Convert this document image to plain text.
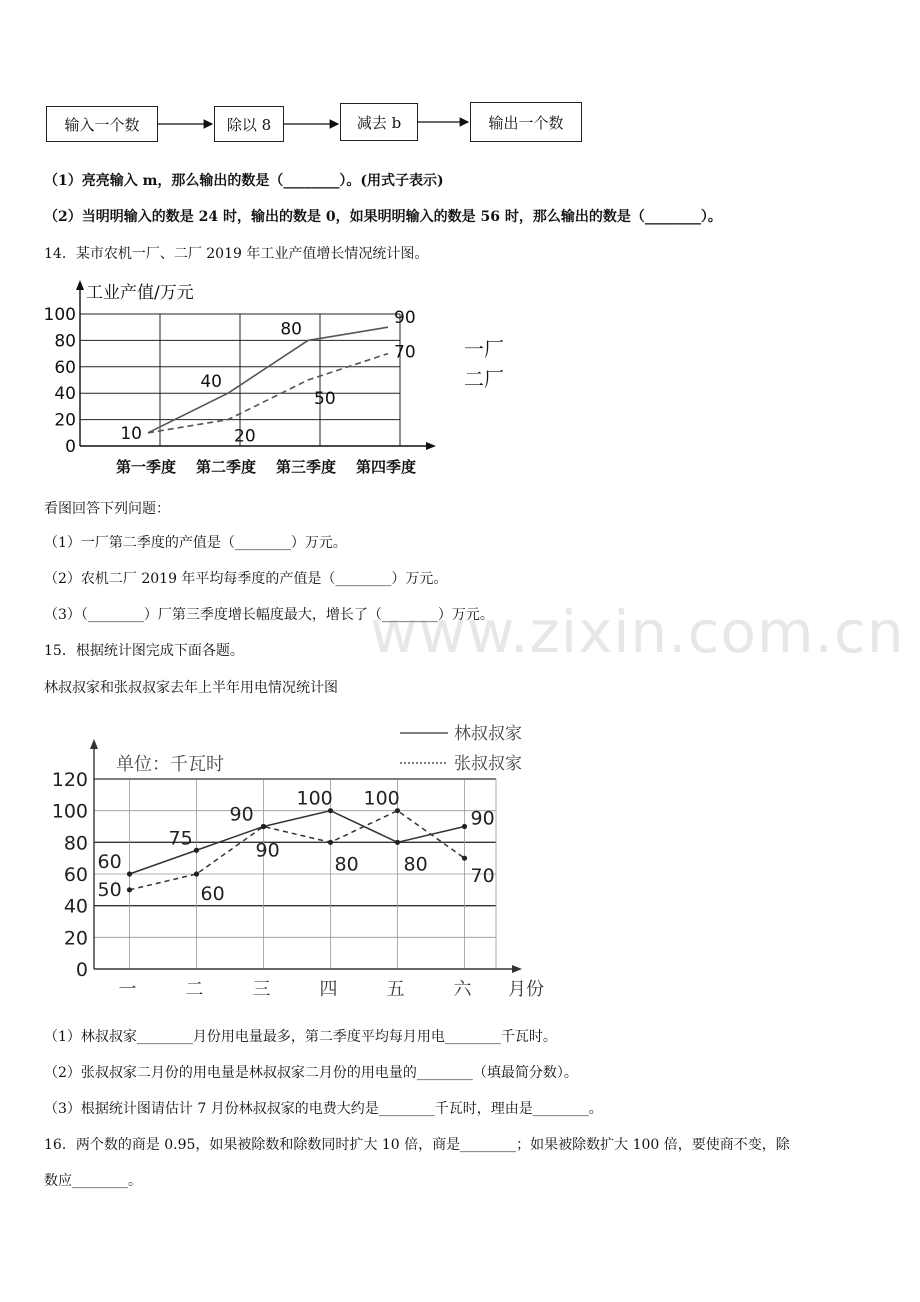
输入一个数	除以 8	减去 b	输出一个数
（1）亮亮输入 m，那么输出的数是（________）。(用式子表示)
（2）当明明输入的数是 24 时，输出的数是 0，如果明明输入的数是 56 时，那么输出的数是（________）。
14．某市农机一厂、二厂 2019 年工业产值增长情况统计图。
0
20
40
60
80
100
工业产值/万元
第一季度 第二季度 第三季度 第四季度
10
40
80
90
20
50
70 一厂
二厂
看图回答下列问题：
（1）一厂第二季度的产值是（________）万元。
（2）农机二厂 2019 年平均每季度的产值是（________）万元。
（3）（________）厂第三季度增长幅度最大，增长了（________）万元。
www.zixin.com.cn
15．根据统计图完成下面各题。
林叔叔家和张叔叔家去年上半年用电情况统计图
0
20
40
60
80
100
120
单位：千瓦时
一	二	三	四	五	六 月份
林叔叔家
张叔叔家
60
75
90
100
80
90
50	60
90
80
100
70
（1）林叔叔家________月份用电量最多，第二季度平均每月用电________千瓦时。
（2）张叔叔家二月份的用电量是林叔叔家二月份的用电量的________（填最简分数）。
（3）根据统计图请估计 7 月份林叔叔家的电费大约是________千瓦时，理由是________。
16．两个数的商是 0.95，如果被除数和除数同时扩大 10 倍，商是________；如果被除数扩大 100 倍，要使商不变，除
数应________。
